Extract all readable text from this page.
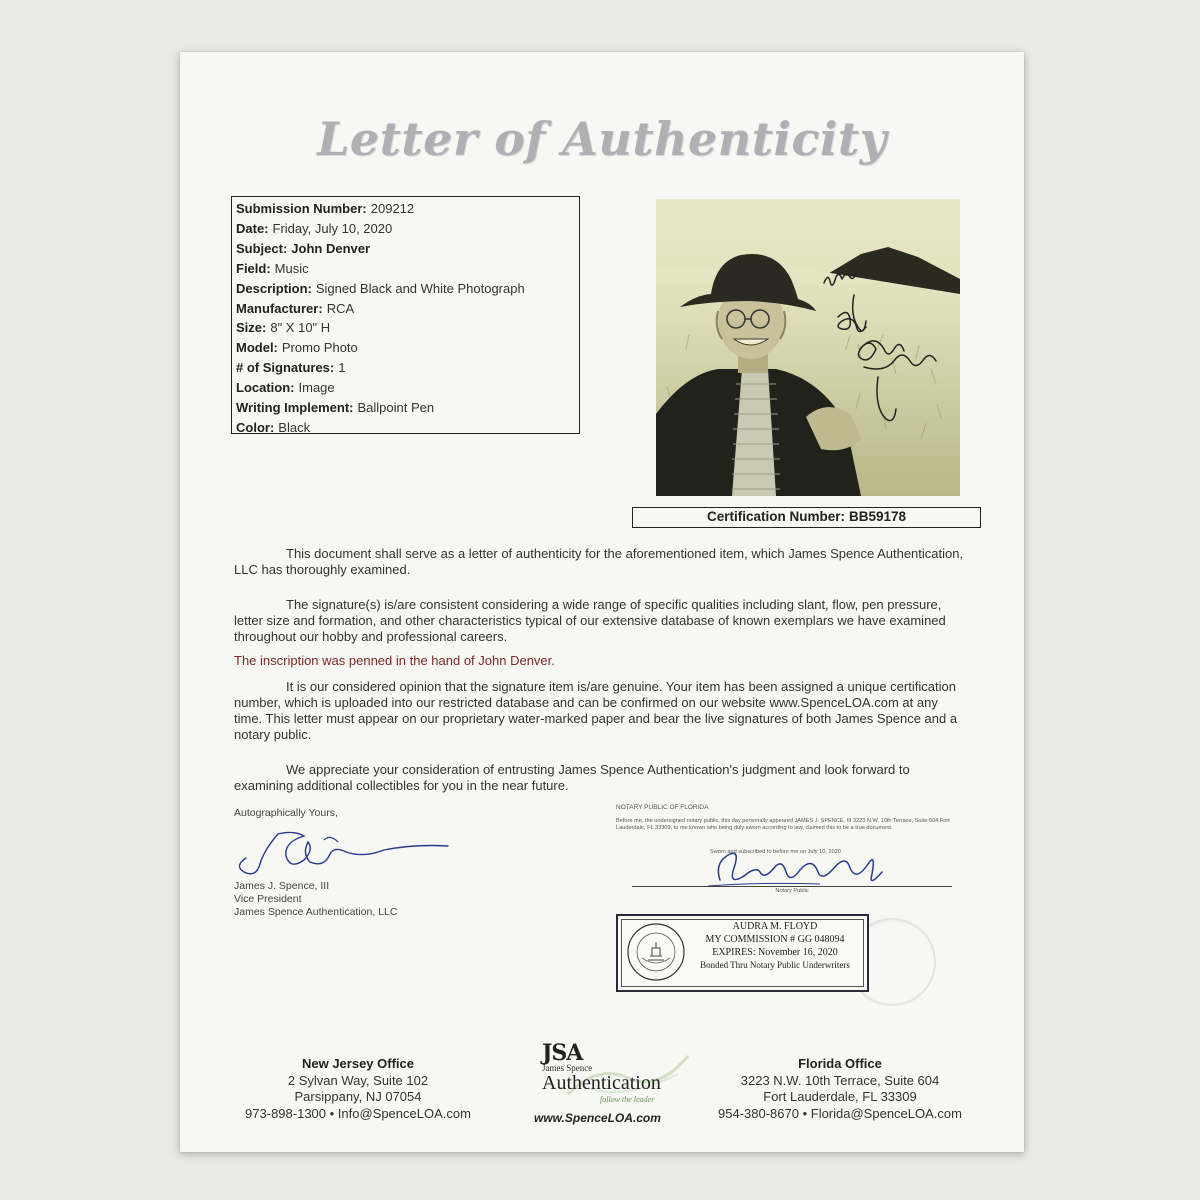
Letter of Authenticity
Submission Number: 209212
Date: Friday, July 10, 2020
Subject: John Denver
Field: Music
Description: Signed Black and White Photograph
Manufacturer: RCA
Size: 8" X 10" H
Model: Promo Photo
# of Signatures: 1
Location: Image
Writing Implement: Ballpoint Pen
Color: Black
Certification Number: BB59178
This document shall serve as a letter of authenticity for the aforementioned item, which James Spence Authentication, LLC has thoroughly examined.
The signature(s) is/are consistent considering a wide range of specific qualities including slant, flow, pen pressure, letter size and formation, and other characteristics typical of our extensive database of known exemplars we have examined throughout our hobby and professional careers.
The inscription was penned in the hand of John Denver.
It is our considered opinion that the signature item is/are genuine. Your item has been assigned a unique certification number, which is uploaded into our restricted database and can be confirmed on our website www.SpenceLOA.com at any time. This letter must appear on our proprietary water-marked paper and bear the live signatures of both James Spence and a notary public.
We appreciate your consideration of entrusting James Spence Authentication's judgment and look forward to examining additional collectibles for you in the near future.
Autographically Yours,
James J. Spence, III
Vice President
James Spence Authentication, LLC
NOTARY PUBLIC OF FLORIDA
Before me, the undersigned notary public, this day personally appeared JAMES J. SPENCE, III 3223 N.W. 10th Terrace, Suite 604 Fort Lauderdale, FL 33309, to me known who being duly sworn according to law, claimed this to be a true document.
Sworn and subscribed to before me on July 10, 2020
Notary Public
AUDRA M. FLOYD
MY COMMISSION # GG 048094
EXPIRES: November 16, 2020
Bonded Thru Notary Public Underwriters
New Jersey Office
2 Sylvan Way, Suite 102
Parsippany, NJ 07054
973-898-1300 • Info@SpenceLOA.com
JSA
James Spence
Authentication
follow the leader
www.SpenceLOA.com
Florida Office
3223 N.W. 10th Terrace, Suite 604
Fort Lauderdale, FL 33309
954-380-8670 • Florida@SpenceLOA.com
